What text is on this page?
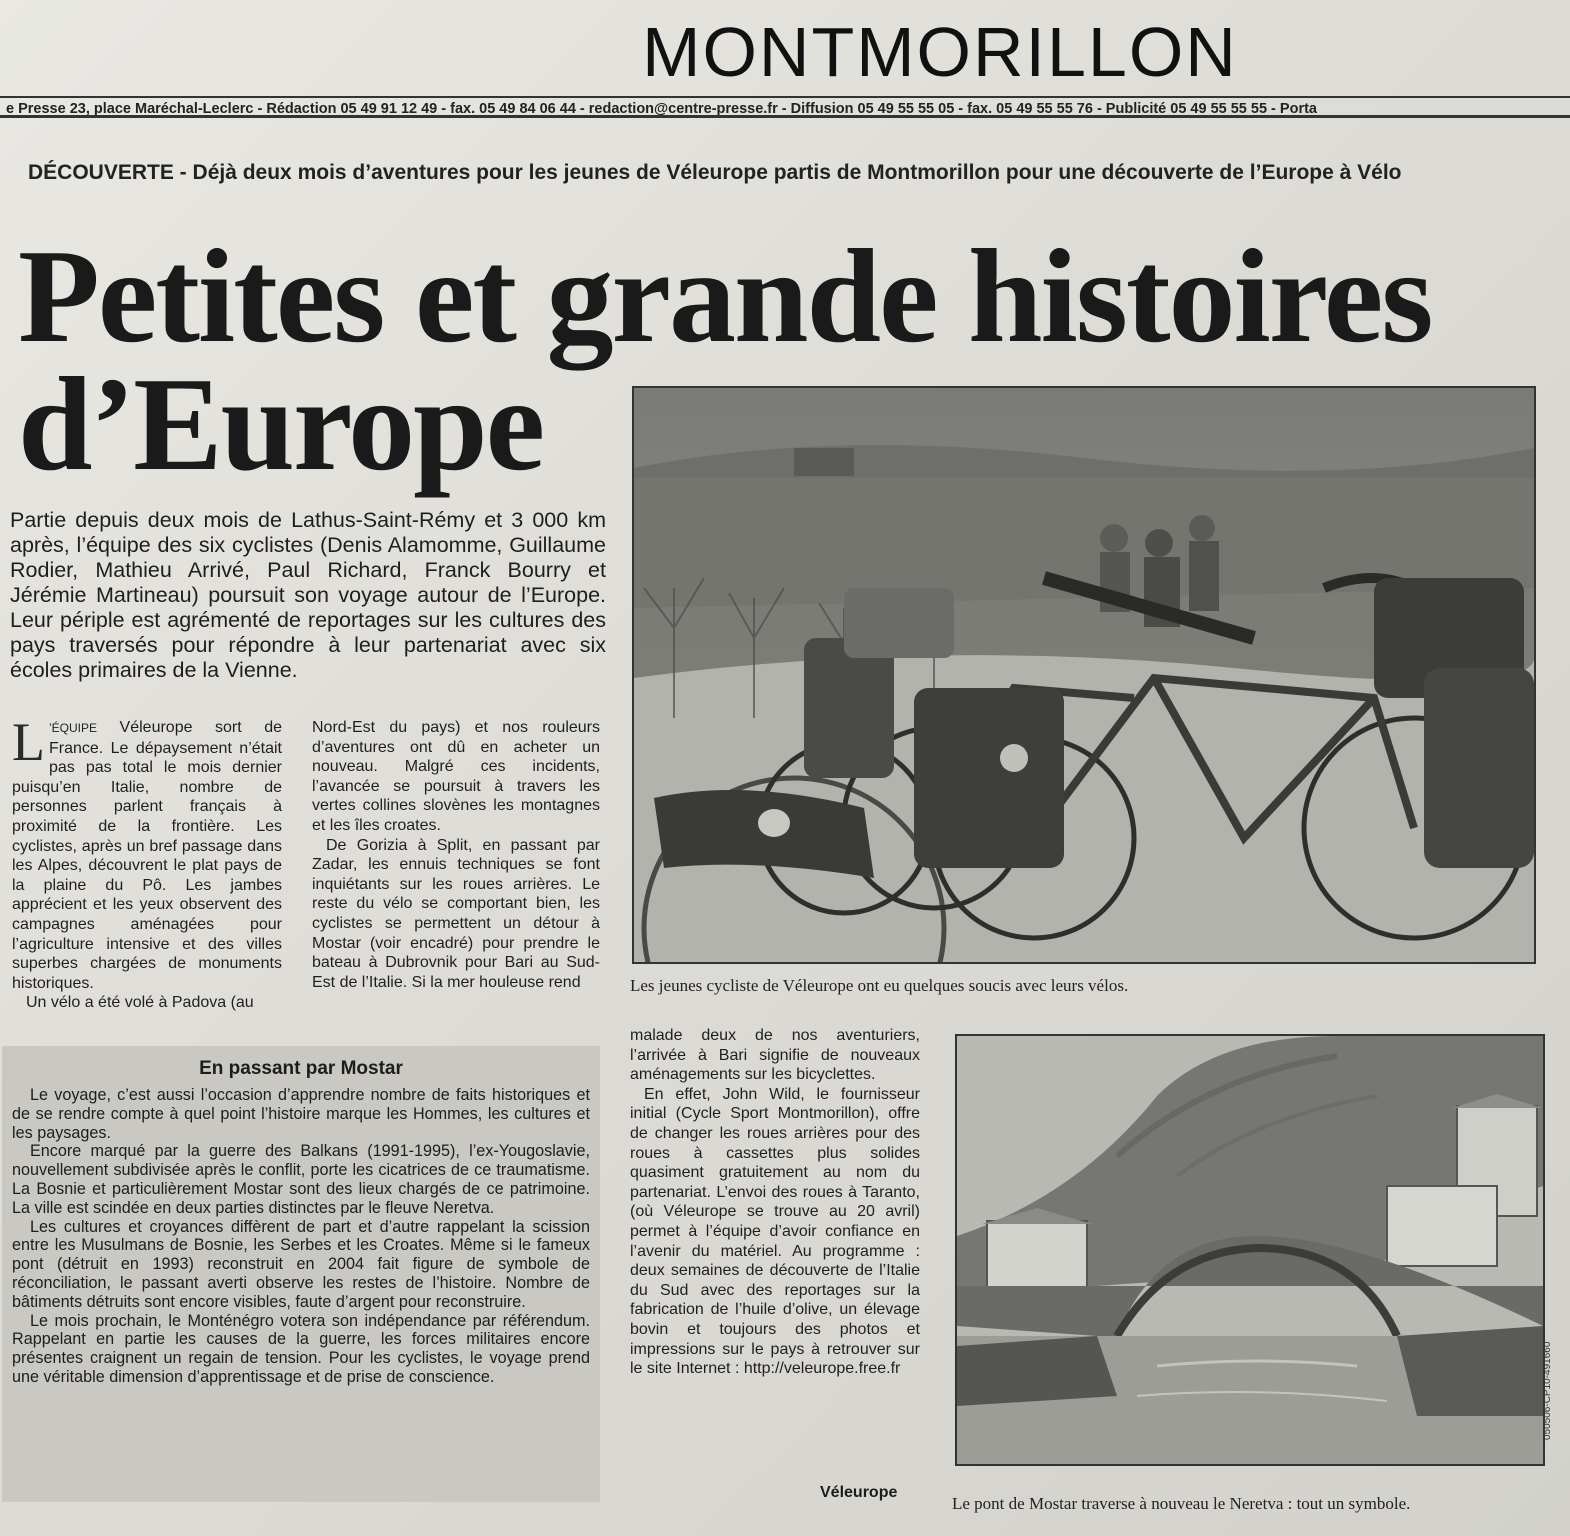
MONTMORILLON
e Presse 23, place Maréchal-Leclerc - Rédaction 05 49 91 12 49 - fax. 05 49 84 06 44 - redaction@centre-presse.fr - Diffusion 05 49 55 55 05 - fax. 05 49 55 55 76 - Publicité 05 49 55 55 55 - Porta
DÉCOUVERTE - Déjà deux mois d’aventures pour les jeunes de Véleurope partis de Montmorillon pour une découverte de l’Europe à Vélo
Petites et grande histoires
d’Europe
Partie depuis deux mois de Lathus-Saint-Rémy et 3 000 km après, l’équipe des six cyclistes (Denis Alamomme, Guillaume Rodier, Mathieu Arrivé, Paul Richard, Franck Bourry et Jérémie Martineau) poursuit son voyage autour de l’Europe. Leur périple est agrémenté de reportages sur les cultures des pays traversés pour répondre à leur partenariat avec six écoles primaires de la Vienne.

L ’ÉQUIPE Véleurope sort de France. Le dépaysement n’était pas pas total le mois dernier puisqu’en Italie, nombre de personnes parlent français à proximité de la frontière. Les cyclistes, après un bref passage dans les Alpes, découvrent le plat pays de la plaine du Pô. Les jambes apprécient et les yeux observent des campagnes aménagées pour l’agriculture intensive et des villes superbes chargées de monuments historiques.

Un vélo a été volé à Padova (au

Nord-Est du pays) et nos rouleurs d’aventures ont dû en acheter un nouveau. Malgré ces incidents, l’avancée se poursuit à travers les vertes collines slovènes les montagnes et les îles croates.

De Gorizia à Split, en passant par Zadar, les ennuis techniques se font inquiétants sur les roues arrières. Le reste du vélo se comportant bien, les cyclistes se permettent un détour à Mostar (voir encadré) pour prendre le bateau à Dubrovnik pour Bari au Sud-Est de l’Italie. Si la mer houleuse rend

malade deux de nos aventuriers, l’arrivée à Bari signifie de nouveaux aménagements sur les bicyclettes.

En effet, John Wild, le fournisseur initial (Cycle Sport Montmorillon), offre de changer les roues arrières pour des roues à cassettes plus solides quasiment gratuitement au nom du partenariat. L’envoi des roues à Taranto, (où Véleurope se trouve au 20 avril) permet à l’équipe d’avoir confiance en l’avenir du matériel. Au programme : deux semaines de découverte de l’Italie du Sud avec des reportages sur la fabrication de l’huile d’olive, un élevage bovin et toujours des photos et impressions sur le pays à retrouver sur le site Internet : http://veleurope.free.fr

En passant par Mostar

Le voyage, c’est aussi l’occasion d’apprendre nombre de faits historiques et de se rendre compte à quel point l’histoire marque les Hommes, les cultures et les paysages.

Encore marqué par la guerre des Balkans (1991-1995), l’ex-Yougoslavie, nouvellement subdivisée après le conflit, porte les cicatrices de ce traumatisme. La Bosnie et particulièrement Mostar sont des lieux chargés de ce patrimoine. La ville est scindée en deux parties distinctes par le fleuve Neretva.

Les cultures et croyances diffèrent de part et d’autre rappelant la scission entre les Musulmans de Bosnie, les Serbes et les Croates. Même si le fameux pont (détruit en 1993) reconstruit en 2004 fait figure de symbole de réconciliation, le passant averti observe les restes de l’histoire. Nombre de bâtiments détruits sont encore visibles, faute d’argent pour reconstruire.

Le mois prochain, le Monténégro votera son indépendance par référendum. Rappelant en partie les causes de la guerre, les forces militaires encore présentes craignent un regain de tension. Pour les cyclistes, le voyage prend une véritable dimension d’apprentissage et de prise de conscience.

Les jeunes cycliste de Véleurope ont eu quelques soucis avec leurs vélos.
Véleurope
Le pont de Mostar traverse à nouveau le Neretva : tout un symbole.
050506-CP10-491660
